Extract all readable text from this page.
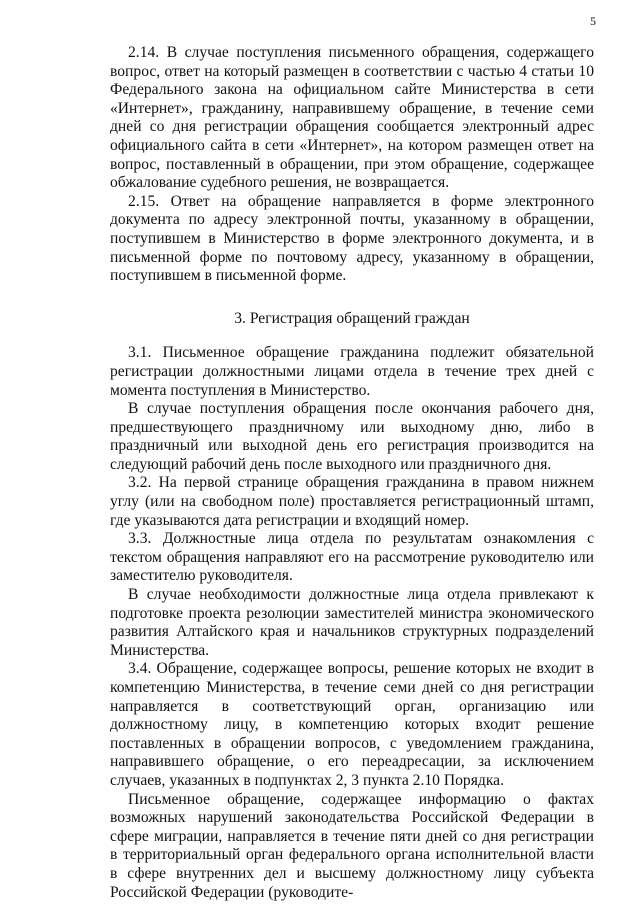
5

2.14. В случае поступления письменного обращения, содержащего вопрос, ответ на который размещен в соответствии с частью 4 статьи 10 Федерального закона на официальном сайте Министерства в сети «Интернет», гражданину, направившему обращение, в течение семи дней со дня регистрации обращения сообщается электронный адрес официального сайта в сети «Интернет», на котором размещен ответ на вопрос, поставленный в обращении, при этом обращение, содержащее обжалование судебного решения, не возвращается.

2.15. Ответ на обращение направляется в форме электронного документа по адресу электронной почты, указанному в обращении, поступившем в Министерство в форме электронного документа, и в письменной форме по почтовому адресу, указанному в обращении, поступившем в письменной форме.

3. Регистрация обращений граждан

3.1. Письменное обращение гражданина подлежит обязательной регистрации должностными лицами отдела в течение трех дней с момента поступления в Министерство.

В случае поступления обращения после окончания рабочего дня, предшествующего праздничному или выходному дню, либо в праздничный или выходной день его регистрация производится на следующий рабочий день после выходного или праздничного дня.

3.2. На первой странице обращения гражданина в правом нижнем углу (или на свободном поле) проставляется регистрационный штамп, где указываются дата регистрации и входящий номер.

3.3. Должностные лица отдела по результатам ознакомления с текстом обращения направляют его на рассмотрение руководителю или заместителю руководителя.

В случае необходимости должностные лица отдела привлекают к подготовке проекта резолюции заместителей министра экономического развития Алтайского края и начальников структурных подразделений Министерства.

3.4. Обращение, содержащее вопросы, решение которых не входит в компетенцию Министерства, в течение семи дней со дня регистрации направляется в соответствующий орган, организацию или должностному лицу, в компетенцию которых входит решение поставленных в обращении вопросов, с уведомлением гражданина, направившего обращение, о его переадресации, за исключением случаев, указанных в подпунктах 2, 3 пункта 2.10 Порядка.

Письменное обращение, содержащее информацию о фактах возможных нарушений законодательства Российской Федерации в сфере миграции, направляется в течение пяти дней со дня регистрации в территориальный орган федерального органа исполнительной власти в сфере внутренних дел и высшему должностному лицу субъекта Российской Федерации (руководите-
